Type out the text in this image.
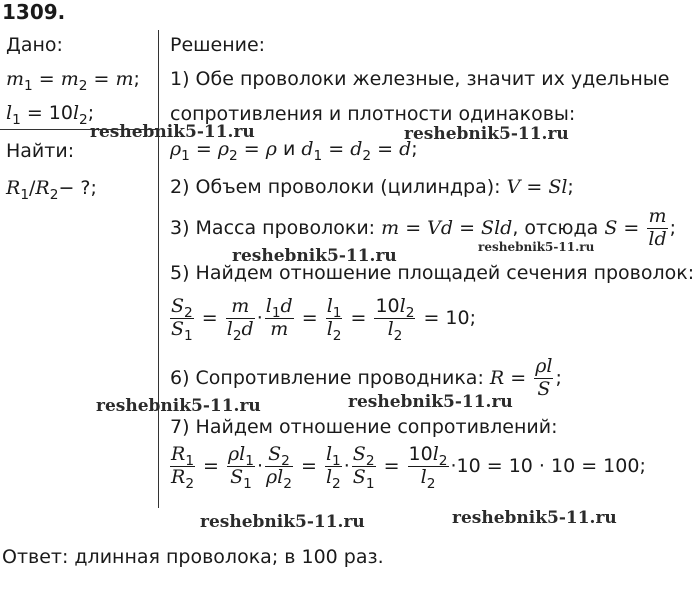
1309.
Дано:
$m_1 = m_2 = m$;
$l_1 = 10l_2$;
Найти:
$R_1/R_2-$ ?;
Решение:
1) Обе проволоки железные, значит их удельные
сопротивления и плотности одинаковы:
$\rho_1 = \rho_2 = \rho$ и $d_1 = d_2 = d$;
2) Объем проволоки (цилиндра): V = Sl;
3) Масса проволоки: m = Vd = Sld, отсюда $S = \frac{m}{ld}$ ;
5) Найдем отношение площадей сечения проволок:
$\frac{S_2}{S_1} = \frac{m}{l_2d} \cdot \frac{l_1d}{m} = \frac{l_1}{l_2} = \frac{10l_2}{l_2} = 10$;
6) Сопротивление проводника: $R = \frac{\rho l}{S}$ ;
7) Найдем отношение сопротивлений:
$\frac{R_1}{R_2} = \frac{\rho l_1}{S_1} \cdot \frac{S_2}{\rho l_2} = \frac{l_1}{l_2} \cdot \frac{S_2}{S_1} = \frac{10l_2}{l_2} \cdot 10 = 10 \cdot 10 = 100$;
Ответ: длинная проволока; в 100 раз.
reshebnik5-11.ru	reshebnik5-11.ru
reshebnik5-11.ru	reshebnik5-11.ru
reshebnik5-11.ru	reshebnik5-11.ru
reshebnik5-11.ru	reshebnik5-11.ru
